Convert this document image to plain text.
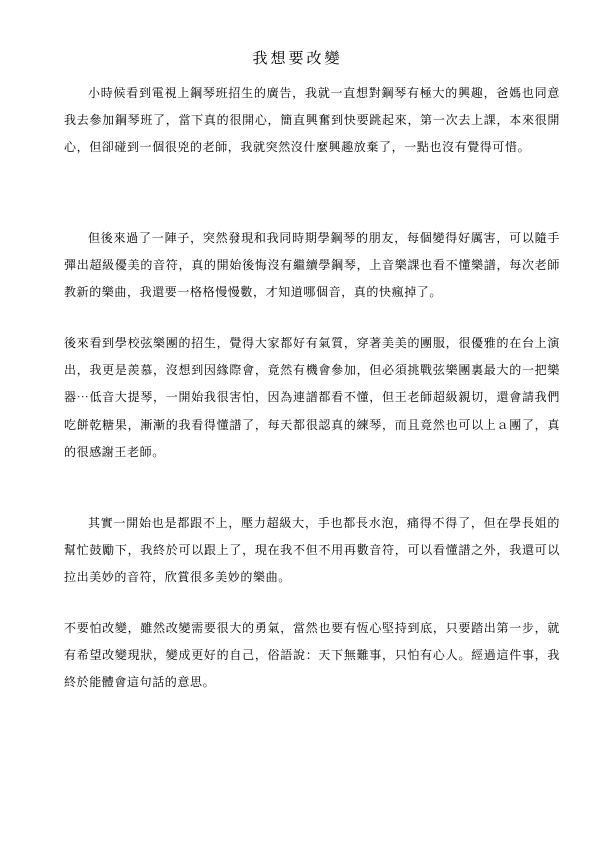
我想要改變
小時候看到電視上鋼琴班招生的廣告，我就一直想對鋼琴有極大的興趣，爸媽也同意我去參加鋼琴班了，當下真的很開心，簡直興奮到快要跳起來，第一次去上課，本來很開心，但卻碰到一個很兇的老師，我就突然沒什麼興趣放棄了，一點也沒有覺得可惜。
但後來過了一陣子，突然發現和我同時期學鋼琴的朋友，每個變得好厲害，可以隨手彈出超級優美的音符，真的開始後悔沒有繼續學鋼琴，上音樂課也看不懂樂譜，每次老師教新的樂曲，我還要一格格慢慢數，才知道哪個音，真的快瘋掉了。
後來看到學校弦樂團的招生，覺得大家都好有氣質，穿著美美的團服，很優雅的在台上演出，我更是羨慕，沒想到因緣際會，竟然有機會參加，但必須挑戰弦樂團裏最大的一把樂器⋯低音大提琴，一開始我很害怕，因為連譜都看不懂，但王老師超級親切，還會請我們吃餅乾糖果，漸漸的我看得懂譜了，每天都很認真的練琴，而且竟然也可以上ａ團了，真的很感謝王老師。
其實一開始也是都跟不上，壓力超級大，手也都長水泡，痛得不得了，但在學長姐的幫忙鼓勵下，我終於可以跟上了，現在我不但不用再數音符，可以看懂譜之外，我還可以拉出美妙的音符，欣賞很多美妙的樂曲。
不要怕改變，雖然改變需要很大的勇氣，當然也要有恆心堅持到底，只要踏出第一步，就有希望改變現狀，變成更好的自己，俗語說：天下無難事，只怕有心人。經過這件事，我終於能體會這句話的意思。
